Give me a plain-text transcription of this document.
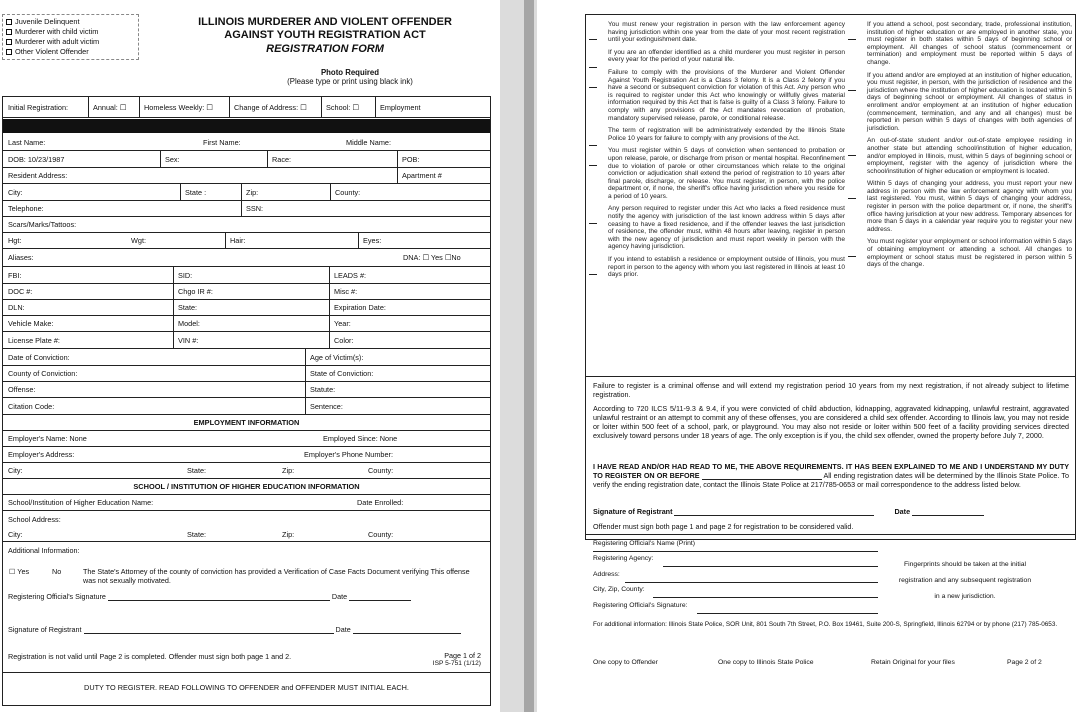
Juvenile Delinquent
Murderer with child victim
Murderer with adult victim
Other Violent Offender
ILLINOIS MURDERER AND VIOLENT OFFENDER
AGAINST YOUTH REGISTRATION ACT
REGISTRATION FORM
Photo Required
(Please type or print using black ink)
Initial Registration:	Annual: ☐ Homeless Weekly: ☐	Change of Address: ☐	School: ☐	Employment
Last Name:	First Name:	Middle Name:
DOB: 10/23/1987	Sex:	Race:	POB:
Resident Address:	Apartment #
City:	State :	Zip:	County:
Telephone:	SSN:
Scars/Marks/Tattoos:
Hgt:	Wgt:	Hair:	Eyes:
Aliases:	DNA: ☐ Yes ☐No
FBI:	SID:	LEADS #:
DOC #:	Chgo IR #:	Misc #:
DLN:	State:	Expiration Date:
Vehicle Make:	Model:	Year:
License Plate #:	VIN #:	Color:
Date of Conviction:	Age of Victim(s):
County of Conviction:	State of Conviction:
Offense:	Statute:
Citation Code:	Sentence:
EMPLOYMENT INFORMATION
Employer's Name: None	Employed Since: None
Employer's Address:	Employer's Phone Number:
City:	State:	Zip:	County:
SCHOOL / INSTITUTION OF HIGHER EDUCATION INFORMATION
School/Institution of Higher Education Name:	Date Enrolled:
School Address:
City:	State:	Zip:	County:
Additional Information:
☐ Yes	No	The State's Attorney of the county of conviction has provided a Verification of Case Facts Document verifying This offense was not sexually motivated.
Registering Official's Signature	Date
Signature of Registrant	Date
Registration is not valid until Page 2 is completed. Offender must sign both page 1 and 2.	Page 1 of 2
ISP 5-751 (1/12)
DUTY TO REGISTER. READ FOLLOWING TO OFFENDER and OFFENDER MUST INITIAL EACH.
You must renew your registration in person with the law enforcement agency having jurisdiction within one year from the date of your most recent registration until your extinguishment date.
If you are an offender identified as a child murderer you must register in person every year for the period of your natural life.
Failure to comply with the provisions of the Murderer and Violent Offender Against Youth Registration Act is a Class 3 felony. It is a Class 2 felony if you have a second or subsequent conviction for violation of this Act. Any person who is required to register under this Act who knowingly or willfully gives material information required by this Act that is false is guilty of a Class 3 felony. Failure to comply with any provisions of the Act mandates revocation of probation, mandatory supervised release, parole, or conditional release.
The term of registration will be administratively extended by the Illinois State Police 10 years for failure to comply with any provisions of the Act.
You must register within 5 days of conviction when sentenced to probation or upon release, parole, or discharge from prison or mental hospital. Reconfinement due to violation of parole or other circumstances which relate to the original conviction or adjudication shall extend the period of registration to 10 years after final parole, discharge, or release. You must register, in person, with the police department or, if none, the sheriff's office having jurisdiction where you reside for a period of 10 years.
Any person required to register under this Act who lacks a fixed residence must notify the agency with jurisdiction of the last known address within 5 days after ceasing to have a fixed residence, and if the offender leaves the last jurisdiction of residence, the offender must, within 48 hours after leaving, register in person with the new agency of jurisdiction and must report weekly in person with the agency having jurisdiction.
If you intend to establish a residence or employment outside of Illinois, you must report in person to the agency with whom you last registered in Illinois at least 10 days prior.
If you attend a school, post secondary, trade, professional institution, institution of higher education or are employed in another state, you must register in both states within 5 days of beginning school or employment. All changes of school status (commencement or termination) and employment must be reported within 5 days of change.
If you attend and/or are employed at an institution of higher education, you must register, in person, with the jurisdiction of residence and the jurisdiction where the institution of higher education is located within 5 days of beginning school or employment. All changes of status in enrollment and/or employment at an institution of higher education (commencement, termination, and any and all changes) must be reported in person within 5 days of changes with both agencies of jurisdiction.
An out-of-state student and/or out-of-state employee residing in another state but attending school/institution of higher education, and/or employed in Illinois, must, within 5 days of beginning school or employment, register with the agency of jurisdiction where the school/institution of higher education or employment is located.
Within 5 days of changing your address, you must report your new address in person with the law enforcement agency with whom you last registered. You must, within 5 days of changing your address, register in person with the police department or, if none, the sheriff's office having jurisdiction at your new address. Temporary absences for more than 5 days in a calendar year require you to register your new address.
You must register your employment or school information within 5 days of obtaining employment or attending a school. All changes to employment or school status must be registered in person within 5 days of the change.
Failure to register is a criminal offense and will extend my registration period 10 years from my next registration, if not already subject to lifetime registration.
According to 720 ILCS 5/11-9.3 & 9.4, if you were convicted of child abduction, kidnapping, aggravated kidnapping, unlawful restraint, aggravated unlawful restraint or an attempt to commit any of these offenses, you are considered a child sex offender. According to Illinois law, you may not reside or loiter within 500 feet of a school, park, or playground. You may also not reside or loiter within 500 feet of a facility providing services directed exclusively toward persons under 18 years of age. The only exception is if you, the child sex offender, owned the property before July 7, 2000.
I HAVE READ AND/OR HAD READ TO ME, THE ABOVE REQUIREMENTS. IT HAS BEEN EXPLAINED TO ME AND I UNDERSTAND MY DUTY TO REGISTER ON OR BEFORE	All ending registration dates will be determined by the Illinois State Police. To verify the ending registration date, contact the Illinois State Police at 217/785-0653 or mail correspondence to the address listed below.
Signature of Registrant	Date
Offender must sign both page 1 and page 2 for registration to be considered valid.
Registering Official's Name (Print)
Registering Agency:
Address:
City, Zip, County:
Registering Official's Signature:
Fingerprints should be taken at the initial
registration and any subsequent registration
in a new jurisdiction.
For additional information: Illinois State Police, SOR Unit, 801 South 7th Street, P.O. Box 19461, Suite 200-S, Springfield, Illinois 62794 or by phone (217) 785-0653.
One copy to Offender	One copy to Illinois State Police	Retain Original for your files	Page 2 of 2
